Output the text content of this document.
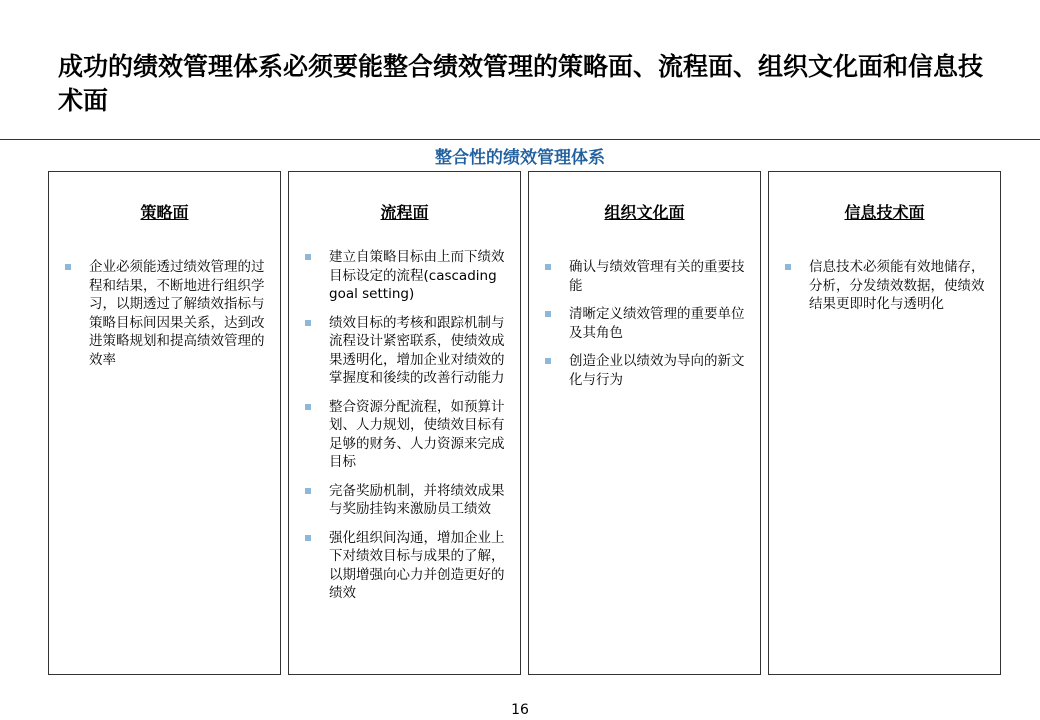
成功的绩效管理体系必须要能整合绩效管理的策略面、流程面、组织文化面和信息技术面
整合性的绩效管理体系
策略面
企业必须能透过绩效管理的过程和结果，不断地进行组织学习，以期透过了解绩效指标与策略目标间因果关系，达到改进策略规划和提高绩效管理的效率
流程面
建立自策略目标由上而下绩效目标设定的流程(cascading goal setting)
绩效目标的考核和跟踪机制与流程设计紧密联系，使绩效成果透明化，增加企业对绩效的掌握度和後续的改善行动能力
整合资源分配流程，如预算计划、人力规划，使绩效目标有足够的财务、人力资源来完成目标
完备奖励机制，并将绩效成果与奖励挂钩来激励员工绩效
强化组织间沟通，增加企业上下对绩效目标与成果的了解，以期增强向心力并创造更好的绩效
组织文化面
确认与绩效管理有关的重要技能
清晰定义绩效管理的重要单位及其角色
创造企业以绩效为导向的新文化与行为
信息技术面
信息技术必须能有效地储存，分析，分发绩效数据，使绩效结果更即时化与透明化
16
